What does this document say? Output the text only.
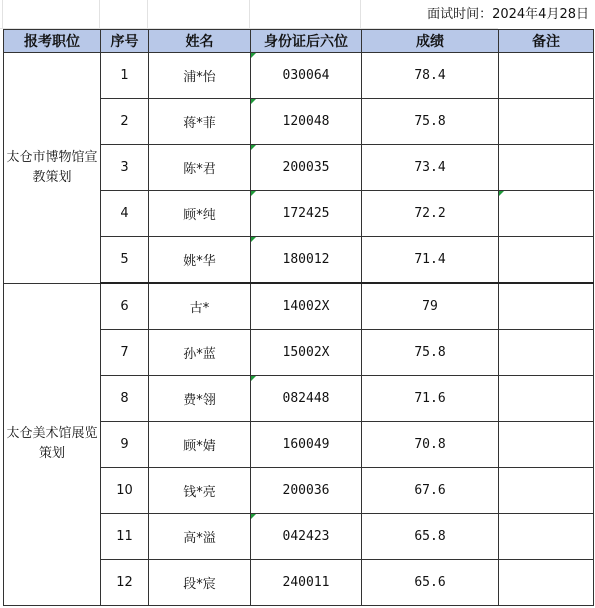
面试时间：2024年4月28日
报考职位	序号	姓名	身份证后六位	成绩	备注
太仓市博物馆宣教策划	1	浦*怡	030064	78.4	
	2	蒋*菲	120048	75.8	
	3	陈*君	200035	73.4	
	4	顾*纯	172425	72.2	

	5	姚*华	180012	71.4	
太仓美术馆展览策划	6	古*	14002X	79	
	7	孙*蓝	15002X	75.8	
	8	费*翎	082448	71.6	
	9	顾*婧	160049	70.8	
	10	钱*亮	200036	67.6	
	11	高*溢	042423	65.8	
	12	段*宸	240011	65.6	
